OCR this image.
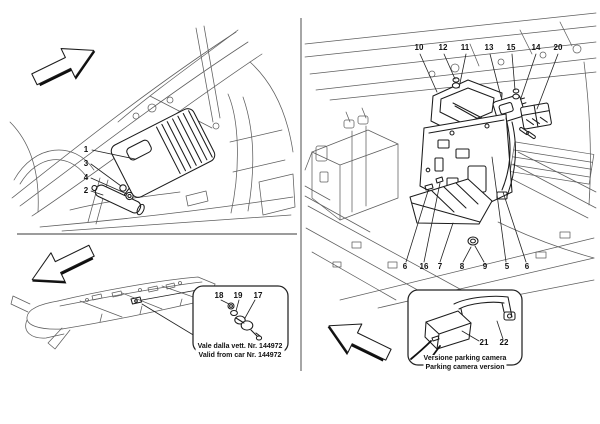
1
3
4
2
10 12 11 13 15 14 20
6 16 7 8 9 5 6
18 19 17
21 22
Vale dalla vett. Nr. 144972
Valid from car Nr. 144972	Versione parking camera
Parking camera version
